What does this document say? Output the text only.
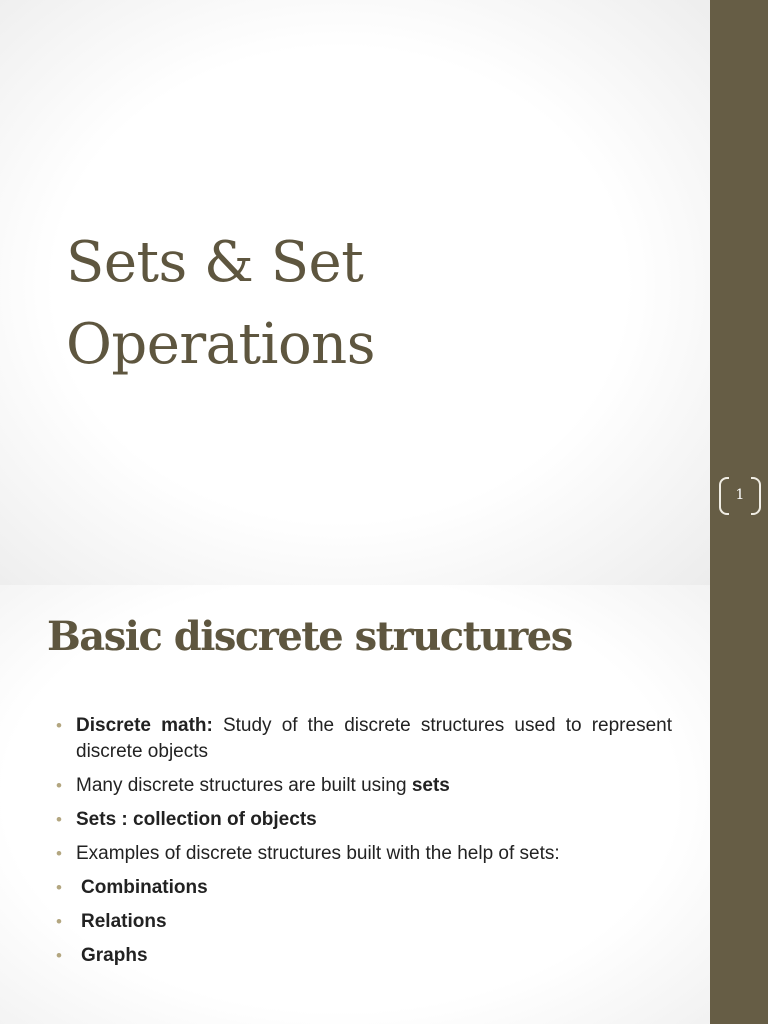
Sets & Set
Operations
1
Basic discrete structures
• Discrete math: Study of the discrete structures used to represent discrete objects
• Many discrete structures are built using sets
• Sets : collection of objects
• Examples of discrete structures built with the help of sets:
• Combinations
• Relations
• Graphs
